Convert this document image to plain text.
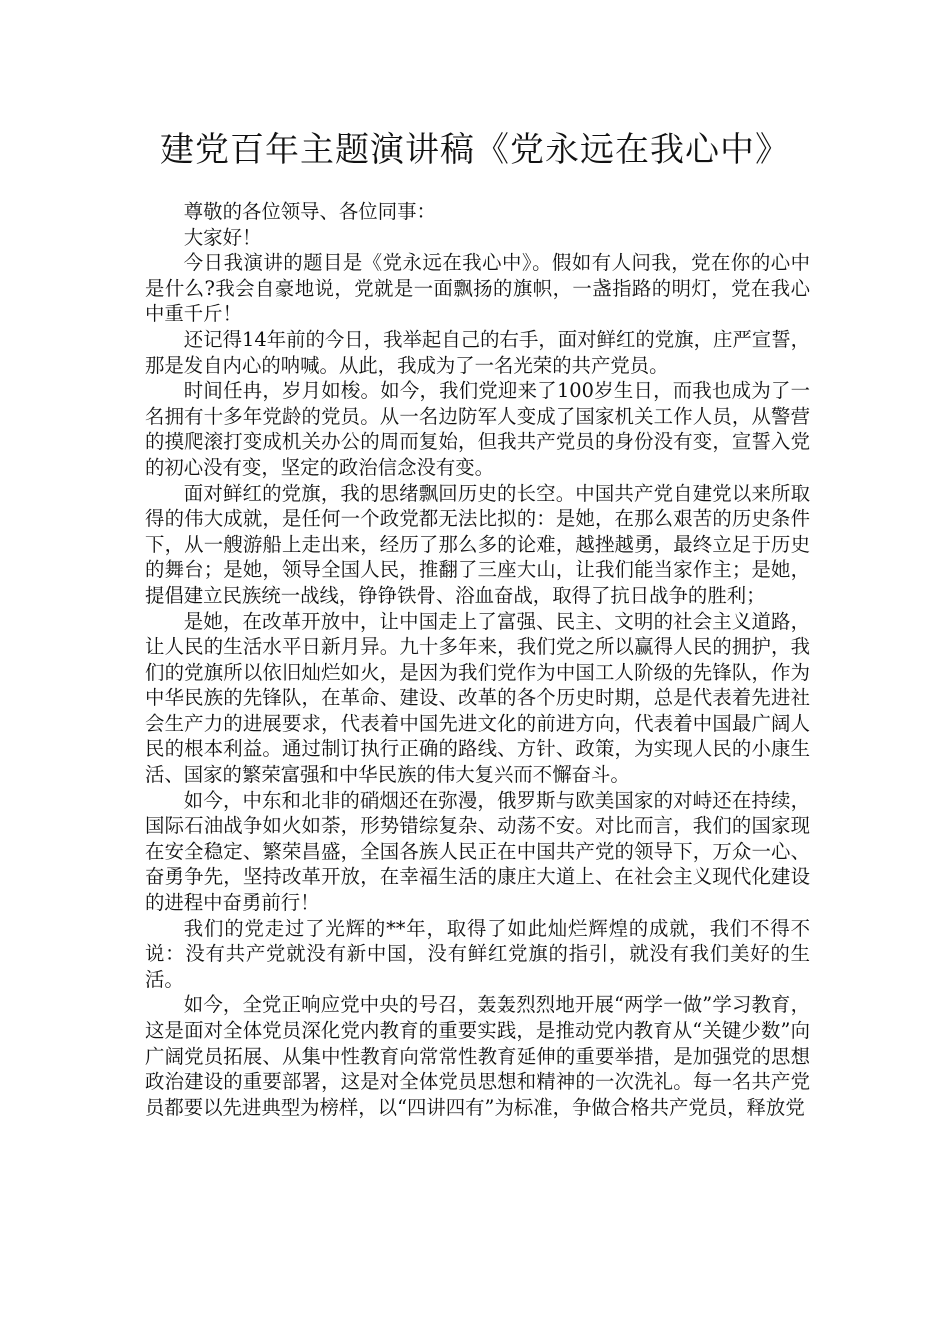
建党百年主题演讲稿《党永远在我心中》

尊敬的各位领导、各位同事：

大家好！

今日我演讲的题目是《党永远在我心中》。假如有人问我，党在你的心中是什么?我会自豪地说，党就是一面飘扬的旗帜，一盏指路的明灯，党在我心中重千斤！

还记得14年前的今日，我举起自己的右手，面对鲜红的党旗，庄严宣誓，那是发自内心的呐喊。从此，我成为了一名光荣的共产党员。

时间任冉，岁月如梭。如今，我们党迎来了100岁生日，而我也成为了一名拥有十多年党龄的党员。从一名边防军人变成了国家机关工作人员，从警营的摸爬滚打变成机关办公的周而复始，但我共产党员的身份没有变，宣誓入党的初心没有变，坚定的政治信念没有变。

面对鲜红的党旗，我的思绪飘回历史的长空。中国共产党自建党以来所取得的伟大成就，是任何一个政党都无法比拟的：是她，在那么艰苦的历史条件下，从一艘游船上走出来，经历了那么多的论难，越挫越勇，最终立足于历史的舞台；是她，领导全国人民，推翻了三座大山，让我们能当家作主；是她，提倡建立民族统一战线，铮铮铁骨、浴血奋战，取得了抗日战争的胜利；

是她，在改革开放中，让中国走上了富强、民主、文明的社会主义道路，让人民的生活水平日新月异。九十多年来，我们党之所以赢得人民的拥护，我们的党旗所以依旧灿烂如火，是因为我们党作为中国工人阶级的先锋队，作为中华民族的先锋队，在革命、建设、改革的各个历史时期，总是代表着先进社会生产力的进展要求，代表着中国先进文化的前进方向，代表着中国最广阔人民的根本利益。通过制订执行正确的路线、方针、政策，为实现人民的小康生活、国家的繁荣富强和中华民族的伟大复兴而不懈奋斗。

如今，中东和北非的硝烟还在弥漫，俄罗斯与欧美国家的对峙还在持续，国际石油战争如火如荼，形势错综复杂、动荡不安。对比而言，我们的国家现在安全稳定、繁荣昌盛，全国各族人民正在中国共产党的领导下，万众一心、奋勇争先，坚持改革开放，在幸福生活的康庄大道上、在社会主义现代化建设的进程中奋勇前行！

我们的党走过了光辉的**年，取得了如此灿烂辉煌的成就，我们不得不说：没有共产党就没有新中国，没有鲜红党旗的指引，就没有我们美好的生活。

如今，全党正响应党中央的号召，轰轰烈烈地开展“两学一做”学习教育，这是面对全体党员深化党内教育的重要实践，是推动党内教育从“关键少数”向广阔党员拓展、从集中性教育向常常性教育延伸的重要举措，是加强党的思想政治建设的重要部署，这是对全体党员思想和精神的一次洗礼。每一名共产党员都要以先进典型为榜样，以“四讲四有”为标准，争做合格共产党员，释放党
